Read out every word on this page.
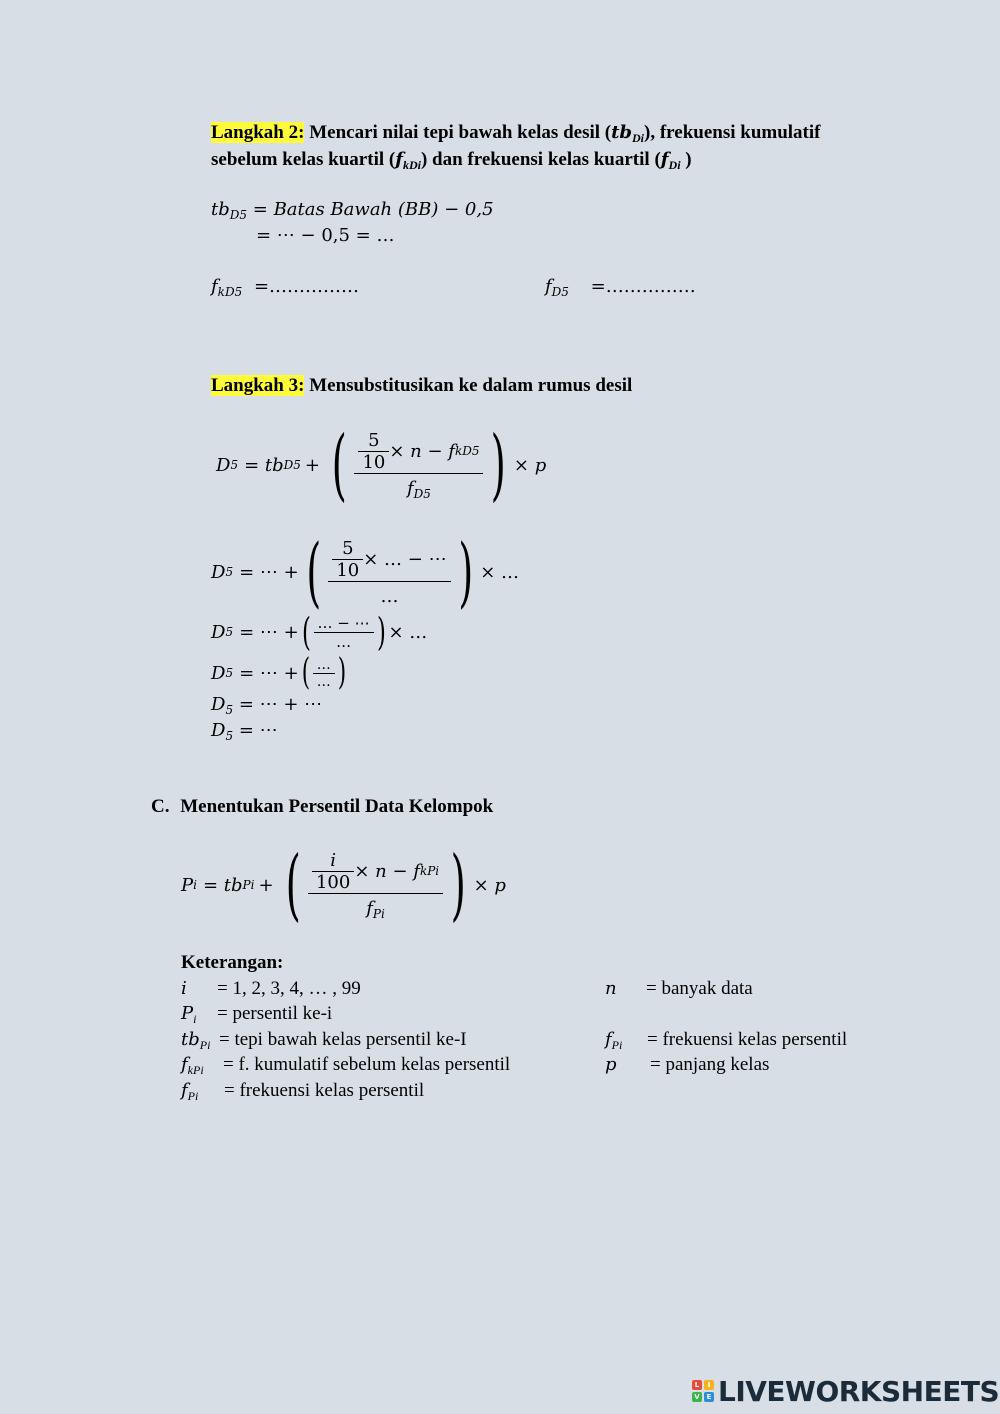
Langkah 2: Mencari nilai tepi bawah kelas desil $(tb_{Di})$, frekuensi kumulatif
sebelum kelas kuartil $(f_{kDi})$ dan frekuensi kelas kuartil ($f_{Di}$ )
$tb_{D5}$ = Batas Bawah (BB) − 0,5
= ⋯ − 0,5 = …
$f_{kD5}$ =……………	$f_{D5}$ =……………
Langkah 3: Mensubstitusikan ke dalam rumus desil
D 5 = tb D5 + ( $\frac{\frac{5}{10} \times n - f kD5}{f_{D5}}$ ) × p
D 5 = ⋯ + ( $\frac{\frac{5}{10} \times \dots - \cdots}{\dots}$ ) × …
D 5 = ⋯ + ( $\frac{\dots - \cdots}{\dots}$ ) × …
D 5 = ⋯ + ( $\frac{\dots}{\dots}$ )
$D_5$ = ⋯ + ⋯
$D_5$ = ⋯
C. Menentukan Persentil Data Kelompok
P i = tb Pi + ( $\frac{\frac{i}{100} \times n - f kPi}{f_{Pi}}$ ) × p
Keterangan:
i = 1, 2, 3, 4, … , 99
$P_i$ = persentil ke-i
$tb_{Pi}$ = tepi bawah kelas persentil ke-I
$f_{kPi} = f$. kumulatif sebelum kelas persentil
$f_{Pi}$ = frekuensi kelas persentil
n = banyak data
$f_{Pi}$ = frekuensi kelas persentil
p = panjang kelas
L	I
V E LIVEWORKSHEETS
